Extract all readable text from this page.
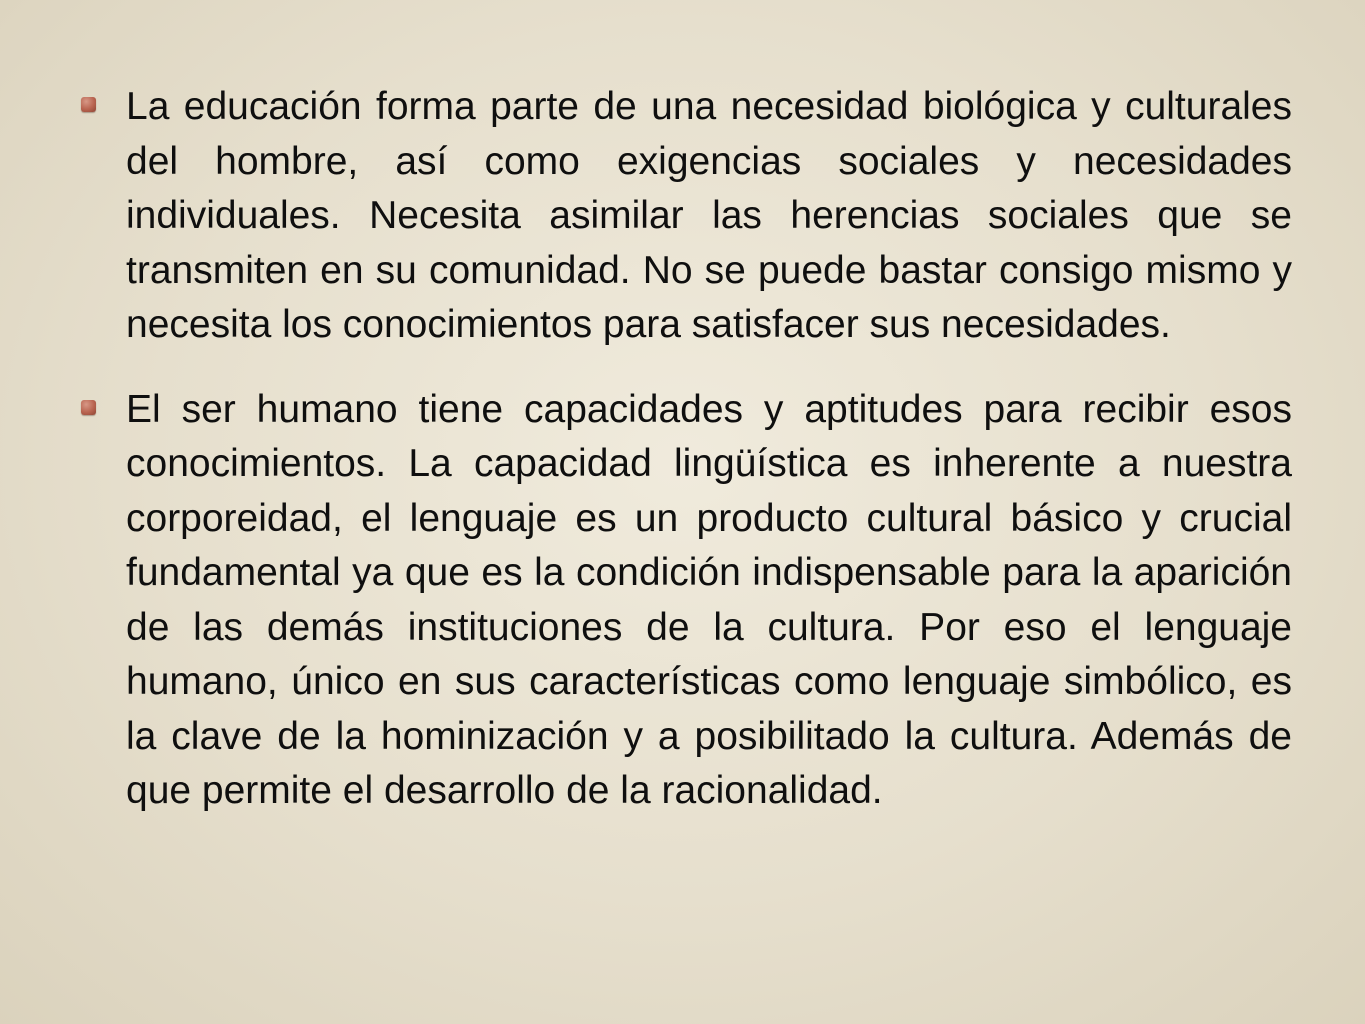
La educación forma parte de una necesidad biológica y culturales del hombre, así como exigencias sociales y necesidades individuales. Necesita asimilar las herencias sociales que se transmiten en su comunidad. No se puede bastar consigo mismo y necesita los conocimientos para satisfacer sus necesidades.
El ser humano tiene capacidades y aptitudes para recibir esos conocimientos. La capacidad lingüística es inherente a nuestra corporeidad, el lenguaje es un producto cultural básico y crucial fundamental ya que es la condición indispensable para la aparición de las demás instituciones de la cultura. Por eso el lenguaje humano, único en sus características como lenguaje simbólico, es la clave de la hominización y a posibilitado la cultura. Además de que permite el desarrollo de la racionalidad.
